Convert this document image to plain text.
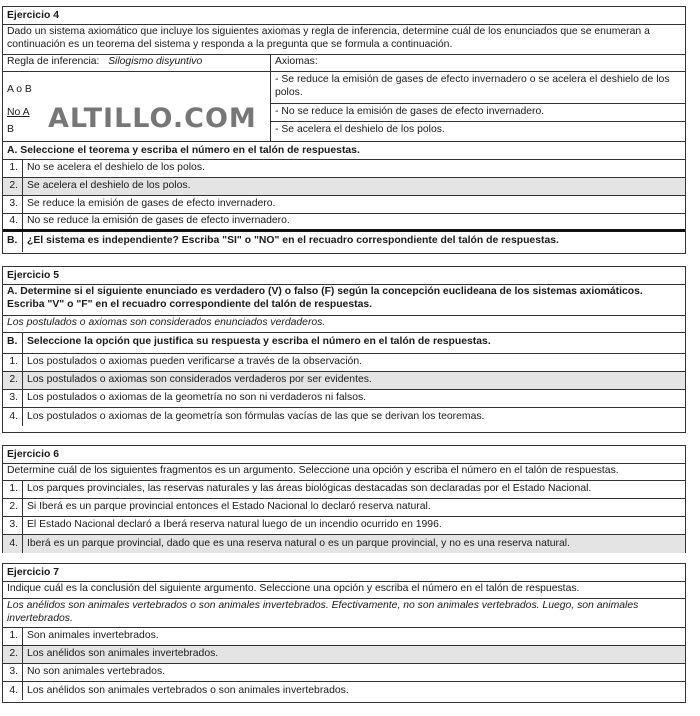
Ejercicio 4
Dado un sistema axiomático que incluye los siguientes axiomas y regla de inferencia, determine cuál de los enunciados que se enumeran a continuación es un teorema del sistema y responda a la pregunta que se formula a continuación.
Regla de inferencia: Silogismo disyuntivo	Axiomas:
A o B
No A
B
- Se reduce la emisión de gases de efecto invernadero o se acelera el deshielo de los polos.
- No se reduce la emisión de gases de efecto invernadero.
- Se acelera el deshielo de los polos.
A. Seleccione el teorema y escriba el número en el talón de respuestas.
1. No se acelera el deshielo de los polos.
2. Se acelera el deshielo de los polos.
3. Se reduce la emisión de gases de efecto invernadero.
4. No se reduce la emisión de gases de efecto invernadero.
B. ¿El sistema es independiente? Escriba "SI" o "NO" en el recuadro correspondiente del talón de respuestas.
ALTILLO.COM
Ejercicio 5
A. Determine si el siguiente enunciado es verdadero (V) o falso (F) según la concepción euclideana de los sistemas axiomáticos. Escriba "V" o "F" en el recuadro correspondiente del talón de respuestas.
Los postulados o axiomas son considerados enunciados verdaderos.
B. Seleccione la opción que justifica su respuesta y escriba el número en el talón de respuestas.
1. Los postulados o axiomas pueden verificarse a través de la observación.
2. Los postulados o axiomas son considerados verdaderos por ser evidentes.
3. Los postulados o axiomas de la geometría no son ni verdaderos ni falsos.
4. Los postulados o axiomas de la geometría son fórmulas vacías de las que se derivan los teoremas.
Ejercicio 6
Determine cuál de los siguientes fragmentos es un argumento. Seleccione una opción y escriba el número en el talón de respuestas.
1. Los parques provinciales, las reservas naturales y las áreas biológicas destacadas son declaradas por el Estado Nacional.
2. Si Iberá es un parque provincial entonces el Estado Nacional lo declaró reserva natural.
3. El Estado Nacional declaró a Iberá reserva natural luego de un incendio ocurrido en 1996.
4. Iberá es un parque provincial, dado que es una reserva natural o es un parque provincial, y no es una reserva natural.
Ejercicio 7
Indique cuál es la conclusión del siguiente argumento. Seleccione una opción y escriba el número en el talón de respuestas.
Los anélidos son animales vertebrados o son animales invertebrados. Efectivamente, no son animales vertebrados. Luego, son animales invertebrados.
1. Son animales invertebrados.
2. Los anélidos son animales invertebrados.
3. No son animales vertebrados.
4. Los anélidos son animales vertebrados o son animales invertebrados.
